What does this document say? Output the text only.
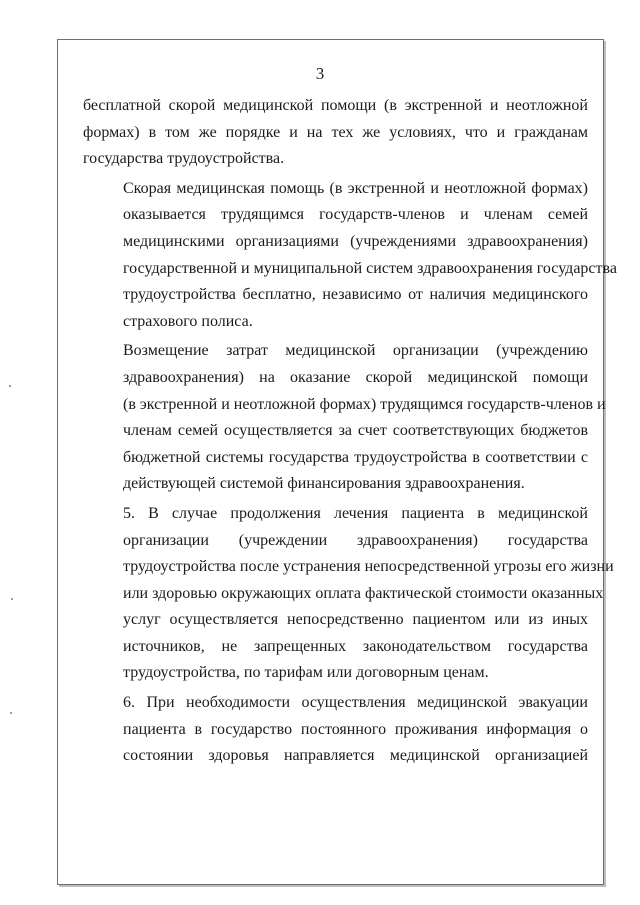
3

бесплатной скорой медицинской помощи (в экстренной и неотложной
формах) в том же порядке и на тех же условиях, что и гражданам
государства трудоустройства.

Скорая медицинская помощь (в экстренной и неотложной формах)
оказывается трудящимся государств-членов и членам семей
медицинскими организациями (учреждениями здравоохранения)
государственной и муниципальной систем здравоохранения государства
трудоустройства бесплатно, независимо от наличия медицинского
страхового полиса.

Возмещение затрат медицинской организации (учреждению
здравоохранения) на оказание скорой медицинской помощи
(в экстренной и неотложной формах) трудящимся государств-членов и
членам семей осуществляется за счет соответствующих бюджетов
бюджетной системы государства трудоустройства в соответствии с
действующей системой финансирования здравоохранения.

5. В случае продолжения лечения пациента в медицинской
организации (учреждении здравоохранения) государства
трудоустройства после устранения непосредственной угрозы его жизни
или здоровью окружающих оплата фактической стоимости оказанных
услуг осуществляется непосредственно пациентом или из иных
источников, не запрещенных законодательством государства
трудоустройства, по тарифам или договорным ценам.

6. При необходимости осуществления медицинской эвакуации
пациента в государство постоянного проживания информация о
состоянии здоровья направляется медицинской организацией
